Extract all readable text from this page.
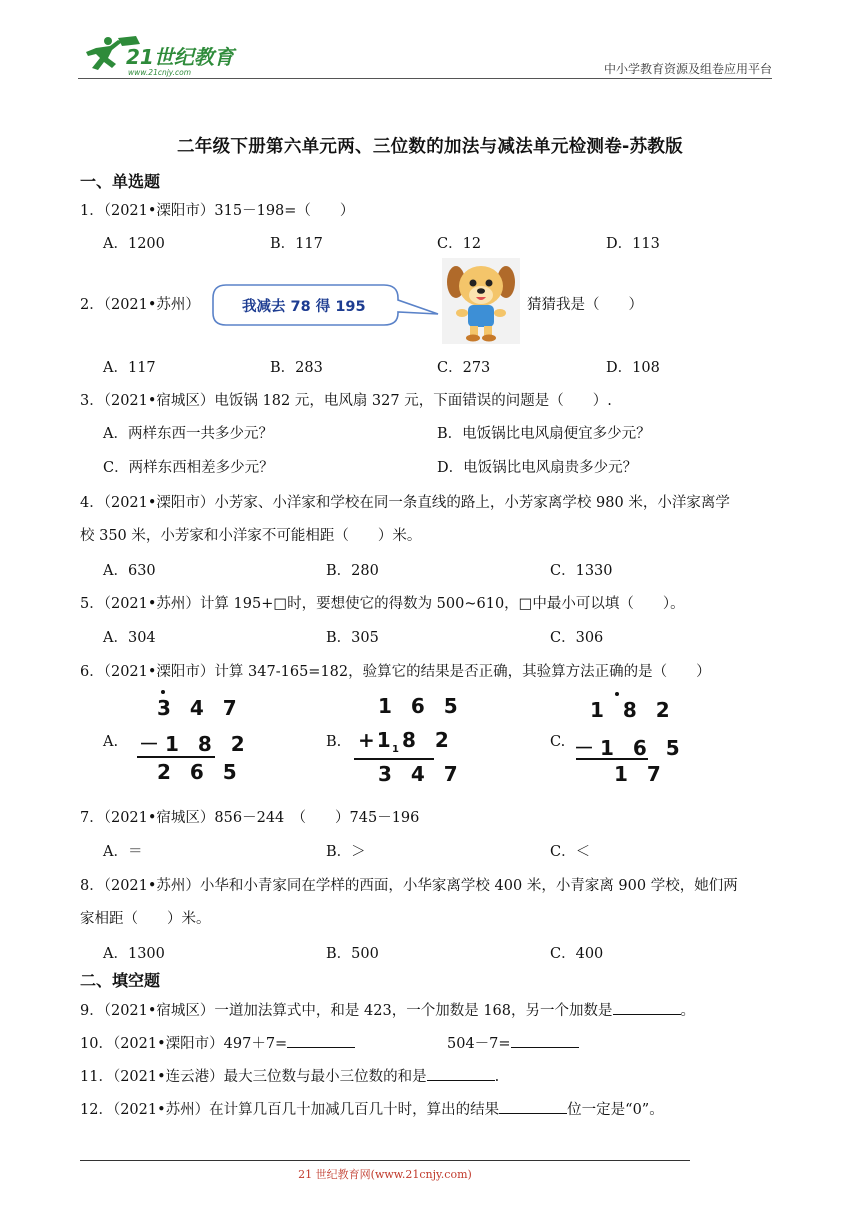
21世纪教育
www.21cnjy.com	中小学教育资源及组卷应用平台
二年级下册第六单元两、三位数的加法与减法单元检测卷-苏教版
一、单选题
1．（2021•溧阳市）315－198=（　　）
A．1200	B．117	C．12	D．113
2．（2021•苏州）	我减去 78 得 195	猜猜我是（　　）
A．117	B．283	C．273	D．108
3．（2021•宿城区）电饭锅 182 元，电风扇 327 元，下面错误的问题是（　　）.
A．两样东西一共多少元？	B．电饭锅比电风扇便宜多少元？
C．两样东西相差多少元？	D．电饭锅比电风扇贵多少元？
4．（2021•溧阳市）小芳家、小洋家和学校在同一条直线的路上，小芳家离学校 980 米，小洋家离学
校 350 米，小芳家和小洋家不可能相距（　　）米。
A．630	B．280	C．1330
5．（2021•苏州）计算 195+□时，要想使它的得数为 500~610，□中最小可以填（　　）。
A．304	B．305	C．306
6．（2021•溧阳市）计算 347-165=182，验算它的结果是否正确，其验算方法正确的是（　　）
A.
3 4 7
－1 8 2
2 6 5
B.
1 6 5
+1 1 8 2
3 4 7
C.
1 8 2
－1 6 5
1 7
7．（2021•宿城区）856－244　（　　）745－196
A．＝	B．＞	C．＜
8．（2021•苏州）小华和小青家同在学样的西面，小华家离学校 400 米，小青家离 900 学校，她们两
家相距（　　）米。
A．1300	B．500	C．400
二、填空题
9．（2021•宿城区）一道加法算式中，和是 423，一个加数是 168，另一个加数是	。
10．（2021•溧阳市）497＋7=	504－7=
11．（2021•连云港）最大三位数与最小三位数的和是	.
12．（2021•苏州）在计算几百几十加减几百几十时，算出的结果	位一定是“0”。
21 世纪教育网(www.21cnjy.com)
